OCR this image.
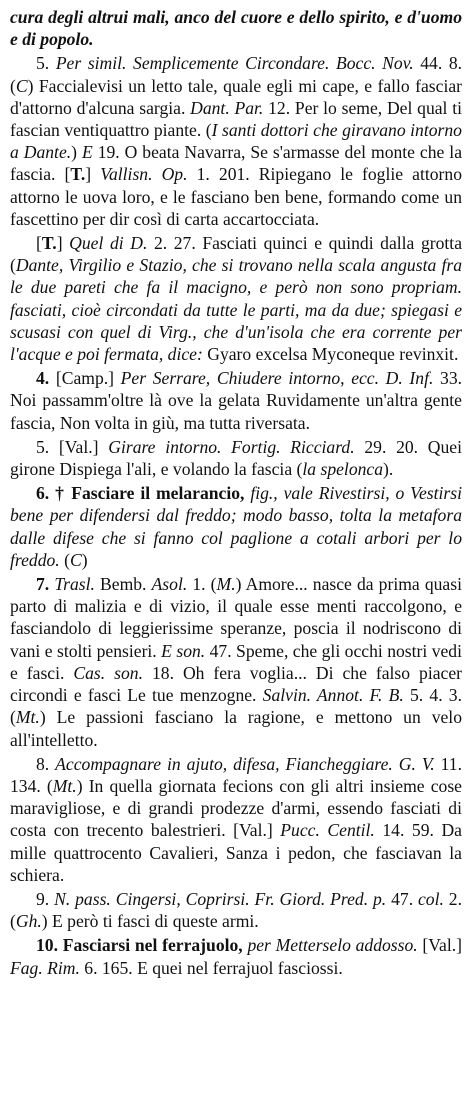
cura degli altrui mali, anco del cuore e dello spirito, e d'uomo e di popolo.

5. Per simil. Semplicemente Circondare. Bocc. Nov. 44. 8. (C) Faccialevisi un letto tale, quale egli mi cape, e fallo fasciar d'attorno d'alcuna sargia. Dant. Par. 12. Per lo seme, Del qual ti fascian ventiquattro piante. (I santi dottori che giravano intorno a Dante.) E 19. O beata Navarra, Se s'armasse del monte che la fascia. [T.] Vallisn. Op. 1. 201. Ripiegano le foglie attorno attorno le uova loro, e le fasciano ben bene, formando come un fascettino per dir così di carta accartocciata.

[T.] Quel di D. 2. 27. Fasciati quinci e quindi dalla grotta (Dante, Virgilio e Stazio, che si trovano nella scala angusta fra le due pareti che fa il macigno, e però non sono propriam. fasciati, cioè circondati da tutte le parti, ma da due; spiegasi e scusasi con quel di Virg., che d'un'isola che era corrente per l'acque e poi fermata, dice: Gyaro excelsa Myconeque revinxit.

4. [Camp.] Per Serrare, Chiudere intorno, ecc. D. Inf. 33. Noi passamm'oltre là ove la gelata Ruvidamente un'altra gente fascia, Non volta in giù, ma tutta riversata.

5. [Val.] Girare intorno. Fortig. Ricciard. 29. 20. Quei girone Dispiega l'ali, e volando la fascia (la spelonca).

6. † Fasciare il melarancio, fig., vale Rivestirsi, o Vestirsi bene per difendersi dal freddo; modo basso, tolta la metafora dalle difese che si fanno col paglione a cotali arbori per lo freddo. (C)

7. Trasl. Bemb. Asol. 1. (M.) Amore... nasce da prima quasi parto di malizia e di vizio, il quale esse menti raccolgono, e fasciandolo di leggierissime speranze, poscia il nodriscono di vani e stolti pensieri. E son. 47. Speme, che gli occhi nostri vedi e fasci. Cas. son. 18. Oh fera voglia... Di che falso piacer circondi e fasci Le tue menzogne. Salvin. Annot. F. B. 5. 4. 3. (Mt.) Le passioni fasciano la ragione, e mettono un velo all'intelletto.

8. Accompagnare in ajuto, difesa, Fiancheggiare. G. V. 11. 134. (Mt.) In quella giornata fecions con gli altri insieme cose maravigliose, e di grandi prodezze d'armi, essendo fasciati di costa con trecento balestrieri. [Val.] Pucc. Centil. 14. 59. Da mille quattrocento Cavalieri, Sanza i pedon, che fasciavan la schiera.

9. N. pass. Cingersi, Coprirsi. Fr. Giord. Pred. p. 47. col. 2. (Gh.) E però ti fasci di queste armi.

10. Fasciarsi nel ferrajuolo, per Metterselo addosso. [Val.] Fag. Rim. 6. 165. E quei nel ferrajuol fasciossi.
